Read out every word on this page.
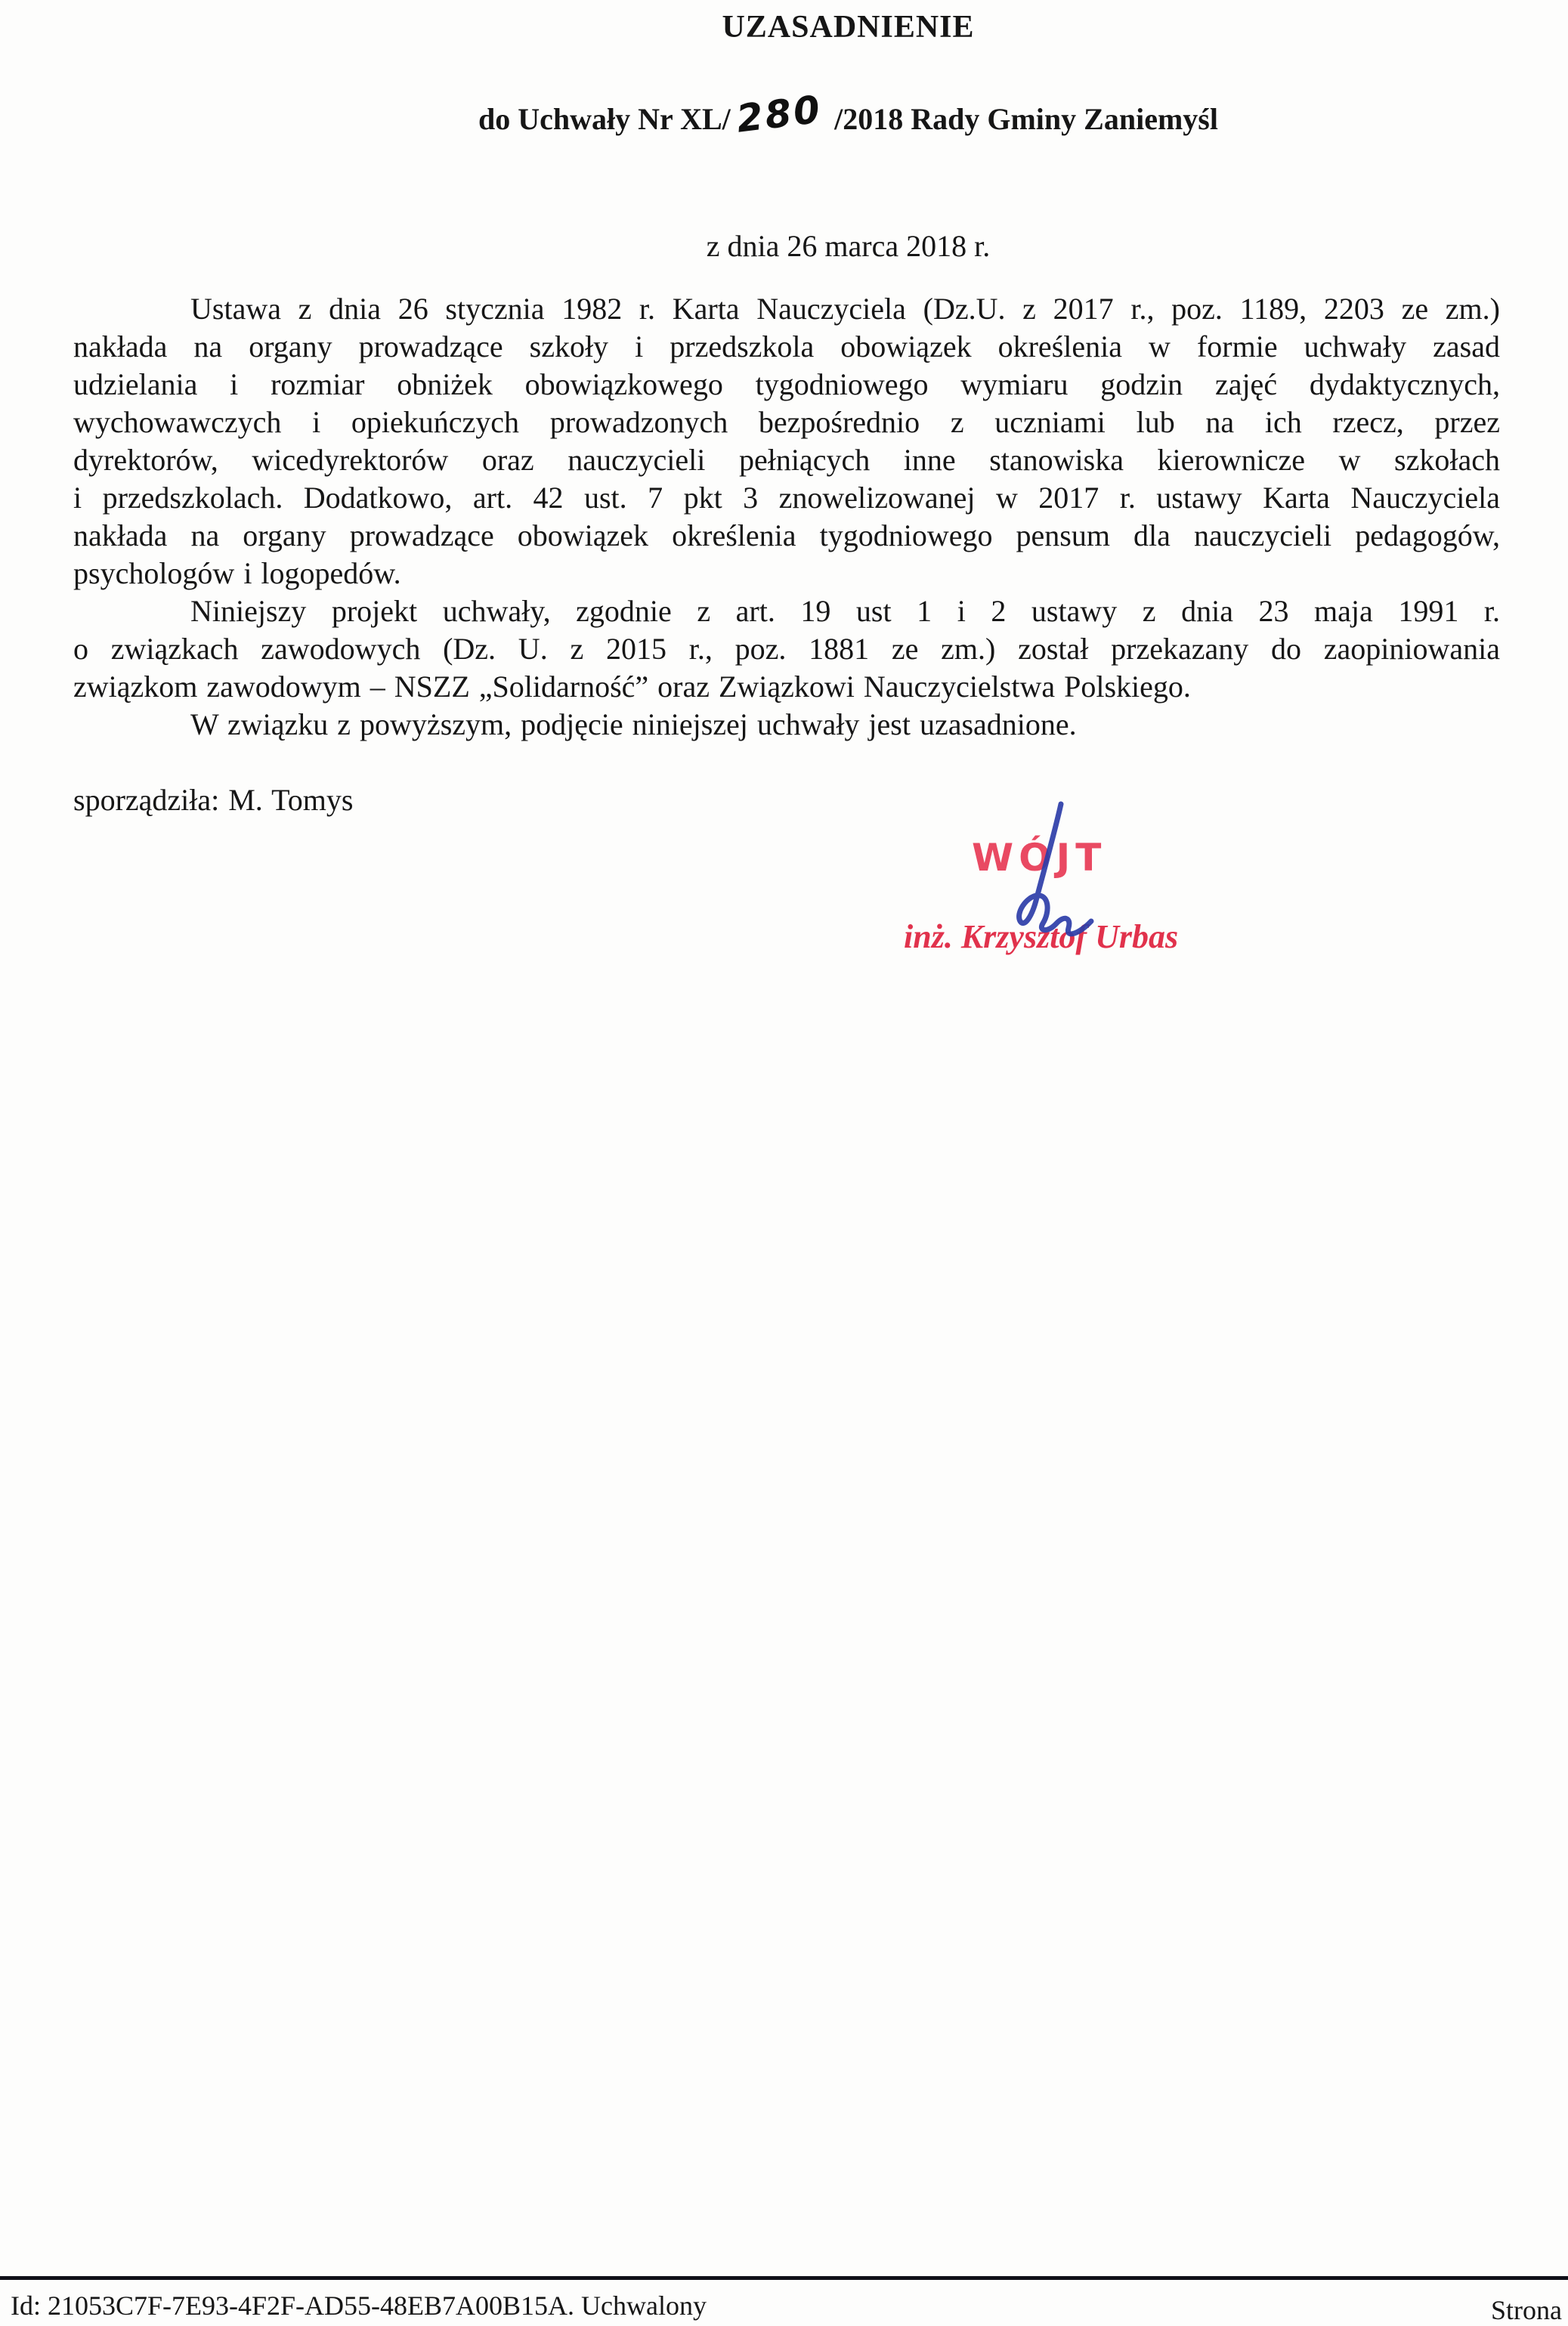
UZASADNIENIE
do Uchwały Nr XL/280 /2018 Rady Gminy Zaniemyśl
z dnia 26 marca 2018 r.
Ustawa z dnia 26 stycznia 1982 r. Karta Nauczyciela (Dz.U. z 2017 r., poz. 1189, 2203 ze zm.)
nakłada na organy prowadzące szkoły i przedszkola obowiązek określenia w formie uchwały zasad
udzielania i rozmiar obniżek obowiązkowego tygodniowego wymiaru godzin zajęć dydaktycznych,
wychowawczych i opiekuńczych prowadzonych bezpośrednio z uczniami lub na ich rzecz, przez
dyrektorów, wicedyrektorów oraz nauczycieli pełniących inne stanowiska kierownicze w szkołach
i przedszkolach. Dodatkowo, art. 42 ust. 7 pkt 3 znowelizowanej w 2017 r. ustawy Karta Nauczyciela
nakłada na organy prowadzące obowiązek określenia tygodniowego pensum dla nauczycieli pedagogów,
psychologów i logopedów.
Niniejszy projekt uchwały, zgodnie z art. 19 ust 1 i 2 ustawy z dnia 23 maja 1991 r.
o związkach zawodowych (Dz. U. z 2015 r., poz. 1881 ze zm.) został przekazany do zaopiniowania
związkom zawodowym – NSZZ „Solidarność” oraz Związkowi Nauczycielstwa Polskiego.
W związku z powyższym, podjęcie niniejszej uchwały jest uzasadnione.
sporządziła: M. Tomys
WÓJT
inż. Krzysztof Urbas
Id: 21053C7F-7E93-4F2F-AD55-48EB7A00B15A. Uchwalony	Strona
